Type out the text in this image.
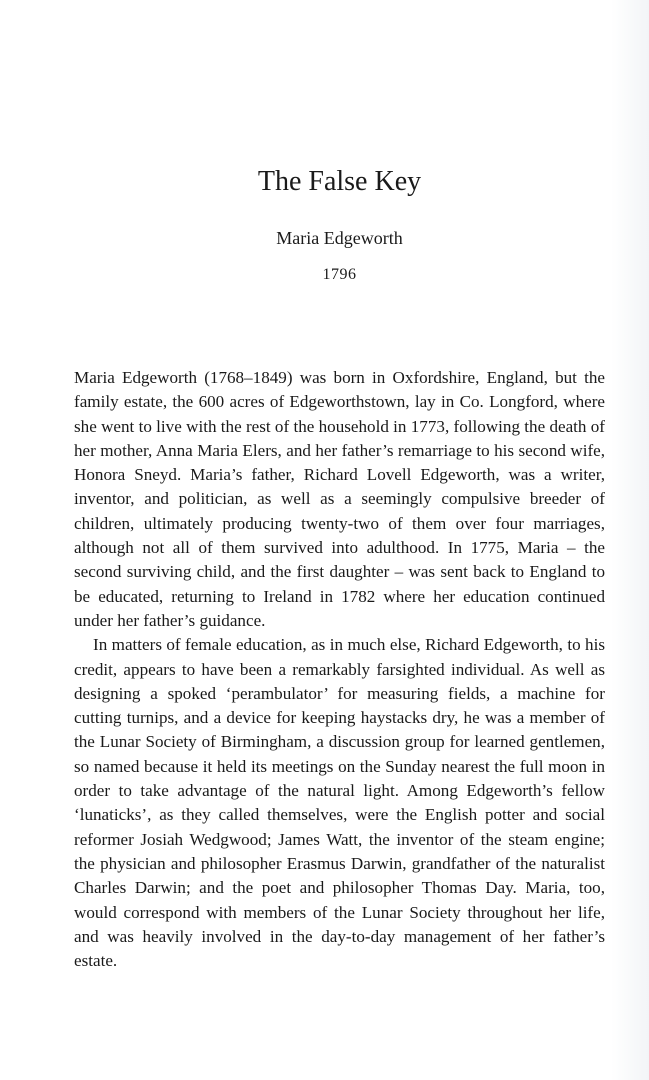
The False Key
Maria Edgeworth
1796

Maria Edgeworth (1768–1849) was born in Oxfordshire, England, but the family estate, the 600 acres of Edgeworthstown, lay in Co. Longford, where she went to live with the rest of the household in 1773, following the death of her mother, Anna Maria Elers, and her father’s remarriage to his second wife, Honora Sneyd. Maria’s father, Richard Lovell Edgeworth, was a writer, inventor, and politician, as well as a seemingly compulsive breeder of children, ultimately producing twenty-two of them over four marriages, although not all of them survived into adulthood. In 1775, Maria – the second surviving child, and the first daughter – was sent back to England to be educated, returning to Ireland in 1782 where her education continued under her father’s guidance.

In matters of female education, as in much else, Richard Edgeworth, to his credit, appears to have been a remarkably farsighted individual. As well as designing a spoked ‘perambulator’ for measuring fields, a machine for cutting turnips, and a device for keeping haystacks dry, he was a member of the Lunar Society of Birmingham, a discussion group for learned gentlemen, so named because it held its meetings on the Sunday nearest the full moon in order to take advantage of the natural light. Among Edgeworth’s fellow ‘lunaticks’, as they called themselves, were the English potter and social reformer Josiah Wedgwood; James Watt, the inventor of the steam engine; the physician and philosopher Erasmus Darwin, grandfather of the naturalist Charles Darwin; and the poet and philosopher Thomas Day. Maria, too, would correspond with members of the Lunar Society throughout her life, and was heavily involved in the day-to-day management of her father’s estate.
